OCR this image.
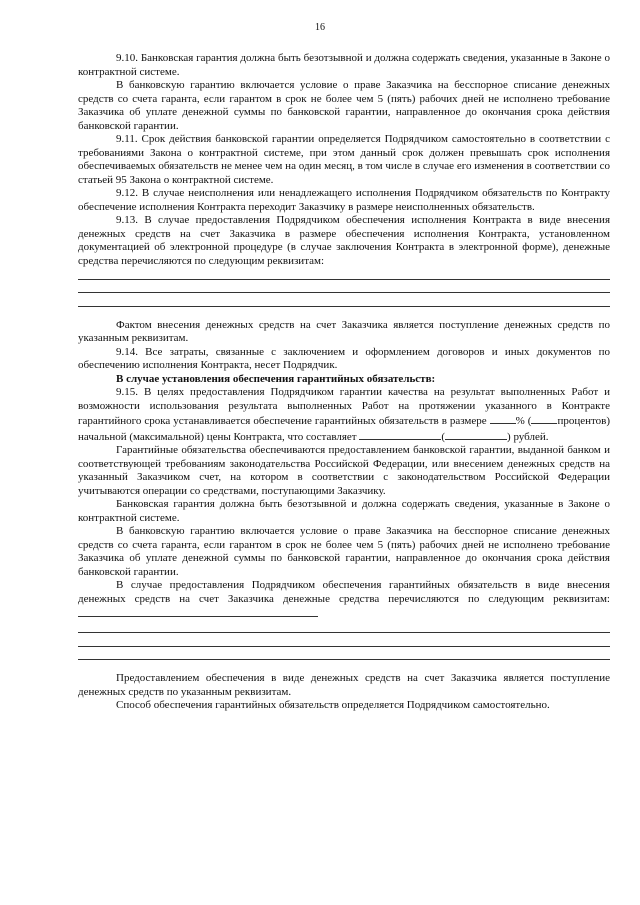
16

9.10. Банковская гарантия должна быть безотзывной и должна содержать сведения, указанные в Законе о контрактной системе.

В банковскую гарантию включается условие о праве Заказчика на бесспорное списание денежных средств со счета гаранта, если гарантом в срок не более чем 5 (пять) рабочих дней не исполнено требование Заказчика об уплате денежной суммы по банковской гарантии, направленное до окончания срока действия банковской гарантии.

9.11. Срок действия банковской гарантии определяется Подрядчиком самостоятельно в соответствии с требованиями Закона о контрактной системе, при этом данный срок должен превышать срок исполнения обеспечиваемых обязательств не менее чем на один месяц, в том числе в случае его изменения в соответствии со статьей 95 Закона о контрактной системе.

9.12. В случае неисполнения или ненадлежащего исполнения Подрядчиком обязательств по Контракту обеспечение исполнения Контракта переходит Заказчику в размере неисполненных обязательств.

9.13. В случае предоставления Подрядчиком обеспечения исполнения Контракта в виде внесения денежных средств на счет Заказчика в размере обеспечения исполнения Контракта, установленном документацией об электронной процедуре (в случае заключения Контракта в электронной форме), денежные средства перечисляются по следующим реквизитам:

Фактом внесения денежных средств на счет Заказчика является поступление денежных средств по указанным реквизитам.

9.14. Все затраты, связанные с заключением и оформлением договоров и иных документов по обеспечению исполнения Контракта, несет Подрядчик.

В случае установления обеспечения гарантийных обязательств:

9.15. В целях предоставления Подрядчиком гарантии качества на результат выполненных Работ и возможности использования результата выполненных Работ на протяжении указанного в Контракте гарантийного срока устанавливается обеспечение гарантийных обязательств в размере	% ( процентов) начальной (максимальной) цены Контракта, что составляет	(	) рублей.

Гарантийные обязательства обеспечиваются предоставлением банковской гарантии, выданной банком и соответствующей требованиям законодательства Российской Федерации, или внесением денежных средств на указанный Заказчиком счет, на котором в соответствии с законодательством Российской Федерации учитываются операции со средствами, поступающими Заказчику.

Банковская гарантия должна быть безотзывной и должна содержать сведения, указанные в Законе о контрактной системе.

В банковскую гарантию включается условие о праве Заказчика на бесспорное списание денежных средств со счета гаранта, если гарантом в срок не более чем 5 (пять) рабочих дней не исполнено требование Заказчика об уплате денежной суммы по банковской гарантии, направленное до окончания срока действия банковской гарантии.

В случае предоставления Подрядчиком обеспечения гарантийных обязательств в виде внесения денежных средств на счет Заказчика денежные средства перечисляются по следующим реквизитам:

Предоставлением обеспечения в виде денежных средств на счет Заказчика является поступление денежных средств по указанным реквизитам.

Способ обеспечения гарантийных обязательств определяется Подрядчиком самостоятельно.
